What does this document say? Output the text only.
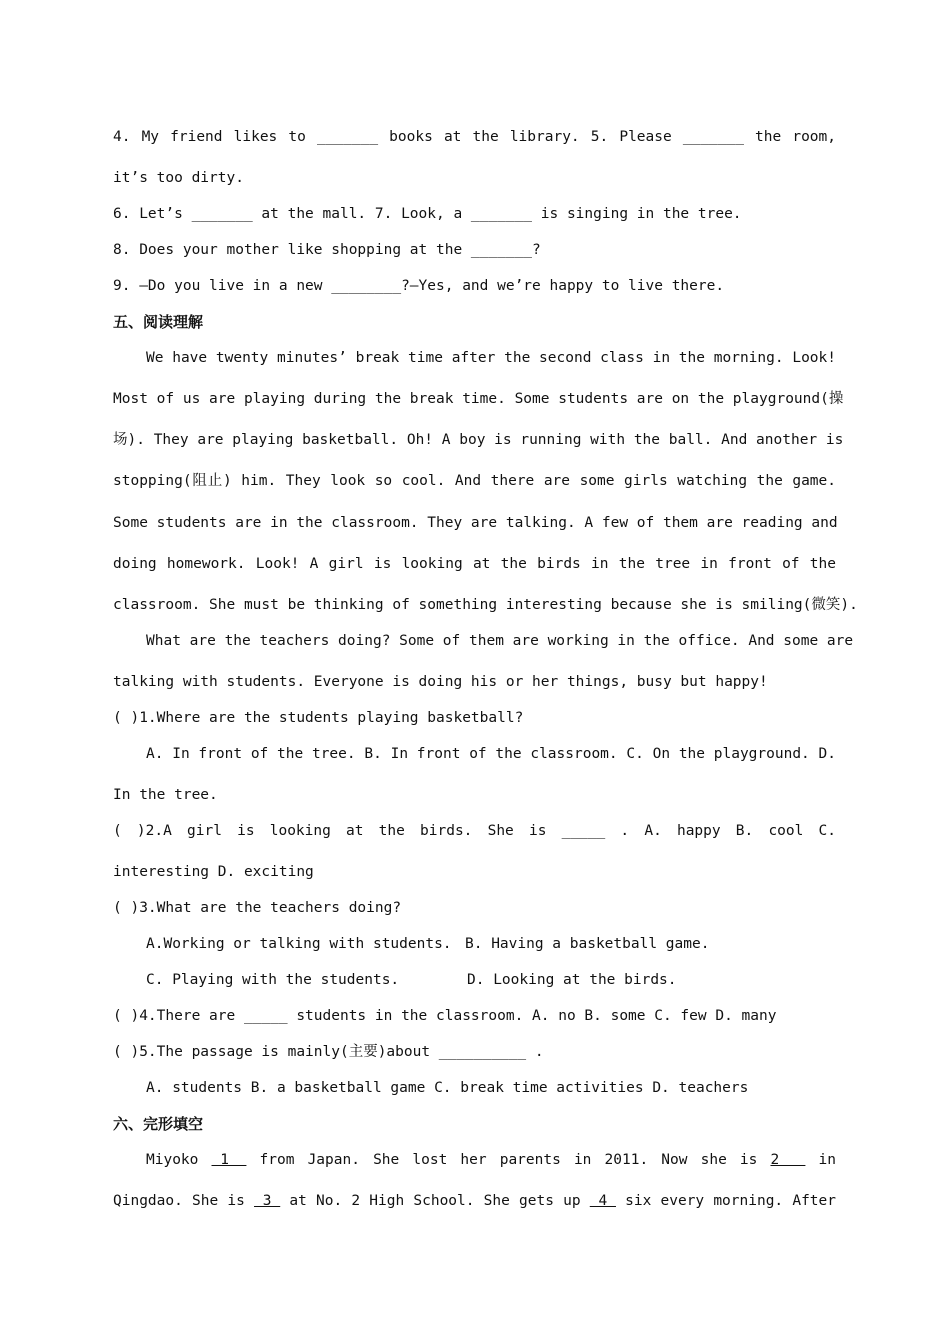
4. My friend likes to _______ books at the library. 5. Please _______ the room,
it’s too dirty.
6. Let’s _______ at the mall. 7. Look, a _______ is singing in the tree.
8. Does your mother like shopping at the _______?
9. —Do you live in a new ________?—Yes, and we’re happy to live there.
五、阅读理解
We have twenty minutes’ break time after the second class in the morning. Look!
Most of us are playing during the break time. Some students are on the playground(操
场). They are playing basketball. Oh! A boy is running with the ball. And another is
stopping(阻止) him. They look so cool. And there are some girls watching the game.
Some students are in the classroom. They are talking. A few of them are reading and
doing homework. Look! A girl is looking at the birds in the tree in front of the
classroom. She must be thinking of something interesting because she is smiling(微笑).
What are the teachers doing? Some of them are working in the office. And some are
talking with students. Everyone is doing his or her things, busy but happy!
( )1.Where are the students playing basketball?
A. In front of the tree. B. In front of the classroom. C. On the playground. D.
In the tree.
( )2.A girl is looking at the birds. She is _____ . A. happy B. cool C.
interesting D. exciting
( )3.What are the teachers doing?
A.Working or talking with students. B. Having a basketball game.
C. Playing with the students.	D. Looking at the birds.
( )4.There are _____ students in the classroom. A. no B. some C. few D. many
( )5.The passage is mainly(主要)about __________ .
A. students B. a basketball game C. break time activities D. teachers
六、完形填空
Miyoko  1   from Japan. She lost her parents in 2011. Now she is 2    in
Qingdao. She is  3  at No. 2 High School. She gets up  4  six every morning. After
